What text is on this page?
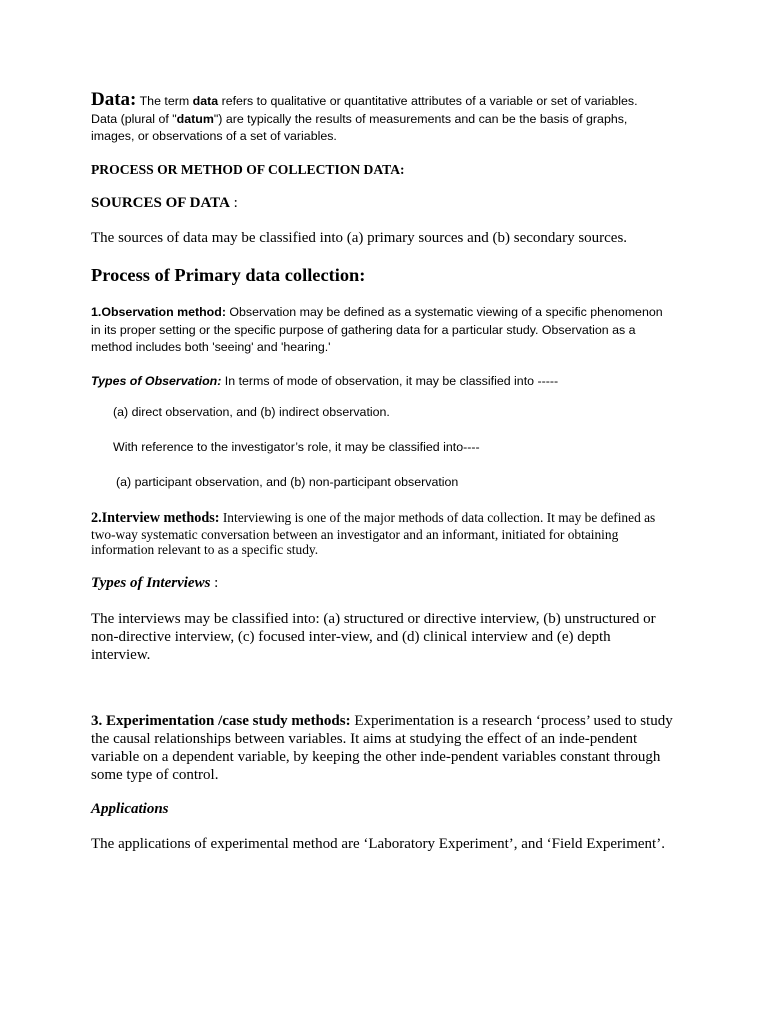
Data: The term data refers to qualitative or quantitative attributes of a variable or set of variables.
Data (plural of "datum") are typically the results of measurements and can be the basis of graphs,
images, or observations of a set of variables.
PROCESS OR METHOD OF COLLECTION DATA:
SOURCES OF DATA :
The sources of data may be classified into (a) primary sources and (b) secondary sources.
Process of Primary data collection:
1.Observation method: Observation may be defined as a systematic viewing of a specific phenomenon
in its proper setting or the specific purpose of gathering data for a particular study. Observation as a
method includes both 'seeing' and 'hearing.'
Types of Observation: In terms of mode of observation, it may be classified into -----
(a) direct observation, and (b) indirect observation.
With reference to the investigator’s role, it may be classified into----
(a) participant observation, and (b) non-participant observation
2.Interview methods: Interviewing is one of the major methods of data collection. It may be defined as
two-way systematic conversation between an investigator and an informant, initiated for obtaining
information relevant to as a specific study.
Types of Interviews :
The interviews may be classified into: (a) structured or directive interview, (b) unstructured or
non-directive interview, (c) focused inter-view, and (d) clinical interview and (e) depth
interview.
3. Experimentation /case study methods: Experimentation is a research ‘process’ used to study
the causal relationships between variables. It aims at studying the effect of an inde-pendent
variable on a dependent variable, by keeping the other inde-pendent variables constant through
some type of control.
Applications
The applications of experimental method are ‘Laboratory Experiment’, and ‘Field Experiment’.
